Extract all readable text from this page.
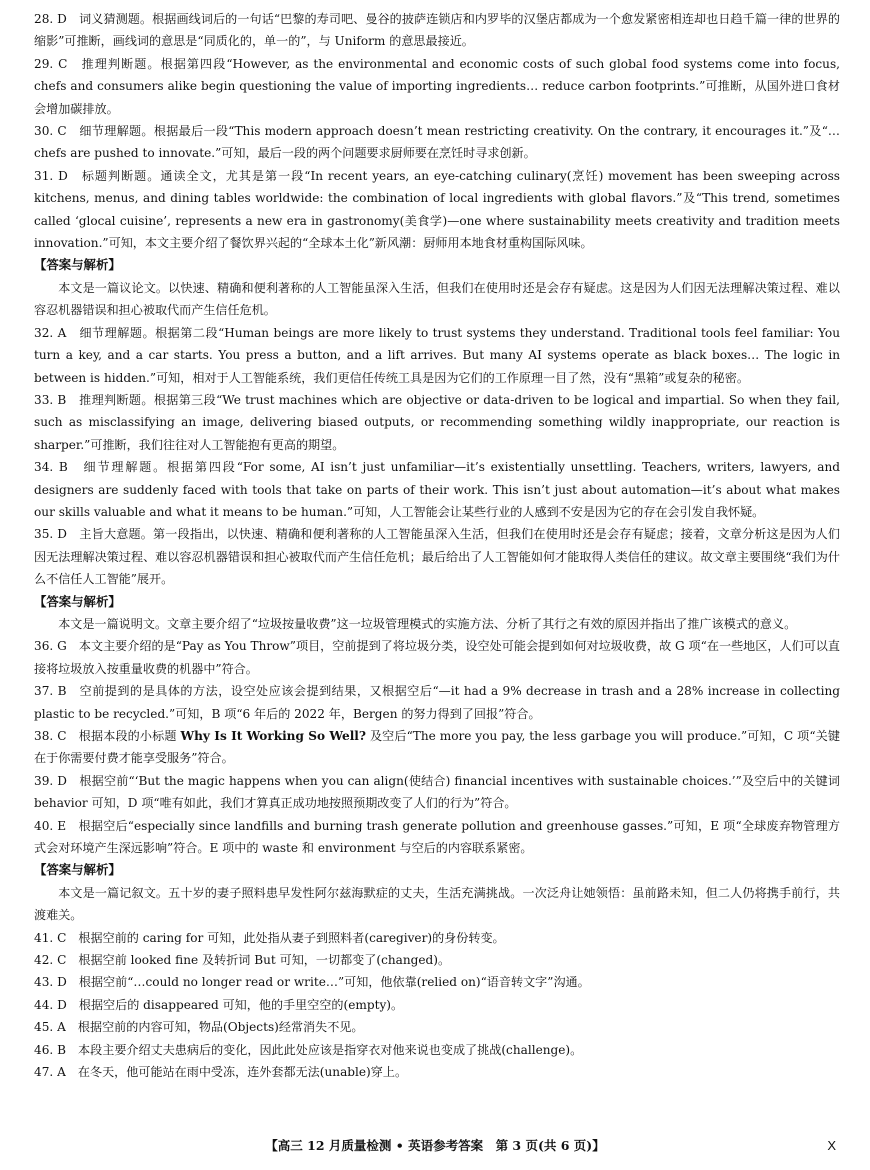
28. D　词义猜测题。根据画线词后的一句话“巴黎的寿司吧、曼谷的披萨连锁店和内罗毕的汉堡店都成为一个愈发紧密相连却也日趋千篇一律的世界的缩影”可推断，画线词的意思是“同质化的，单一的”，与 Uniform 的意思最接近。

29. C　推理判断题。根据第四段“However, as the environmental and economic costs of such global food systems come into focus, chefs and consumers alike begin questioning the value of importing ingredients… reduce carbon footprints.”可推断，从国外进口食材会增加碳排放。

30. C　细节理解题。根据最后一段“This modern approach doesn’t mean restricting creativity. On the contrary, it encourages it.”及“…chefs are pushed to innovate.”可知，最后一段的两个问题要求厨师要在烹饪时寻求创新。

31. D　标题判断题。通读全文，尤其是第一段“In recent years, an eye-catching culinary(烹饪) movement has been sweeping across kitchens, menus, and dining tables worldwide: the combination of local ingredients with global flavors.”及“This trend, sometimes called ‘glocal cuisine’, represents a new era in gastronomy(美食学)—one where sustainability meets creativity and tradition meets innovation.”可知，本文主要介绍了餐饮界兴起的“全球本土化”新风潮：厨师用本地食材重构国际风味。

【答案与解析】

本文是一篇议论文。以快速、精确和便利著称的人工智能虽深入生活，但我们在使用时还是会存有疑虑。这是因为人们因无法理解决策过程、难以容忍机器错误和担心被取代而产生信任危机。

32. A　细节理解题。根据第二段“Human beings are more likely to trust systems they understand. Traditional tools feel familiar: You turn a key, and a car starts. You press a button, and a lift arrives. But many AI systems operate as black boxes… The logic in between is hidden.”可知，相对于人工智能系统，我们更信任传统工具是因为它们的工作原理一目了然，没有“黑箱”或复杂的秘密。

33. B　推理判断题。根据第三段“We trust machines which are objective or data-driven to be logical and impartial. So when they fail, such as misclassifying an image, delivering biased outputs, or recommending something wildly inappropriate, our reaction is sharper.”可推断，我们往往对人工智能抱有更高的期望。

34. B　细节理解题。根据第四段“For some, AI isn’t just unfamiliar—it’s existentially unsettling. Teachers, writers, lawyers, and designers are suddenly faced with tools that take on parts of their work. This isn’t just about automation—it’s about what makes our skills valuable and what it means to be human.”可知，人工智能会让某些行业的人感到不安是因为它的存在会引发自我怀疑。

35. D　主旨大意题。第一段指出，以快速、精确和便利著称的人工智能虽深入生活，但我们在使用时还是会存有疑虑；接着，文章分析这是因为人们因无法理解决策过程、难以容忍机器错误和担心被取代而产生信任危机；最后给出了人工智能如何才能取得人类信任的建议。故文章主要围绕“我们为什么不信任人工智能”展开。

【答案与解析】

本文是一篇说明文。文章主要介绍了“垃圾按量收费”这一垃圾管理模式的实施方法、分析了其行之有效的原因并指出了推广该模式的意义。

36. G　本文主要介绍的是“Pay as You Throw”项目，空前提到了将垃圾分类，设空处可能会提到如何对垃圾收费，故 G 项“在一些地区，人们可以直接将垃圾放入按重量收费的机器中”符合。

37. B　空前提到的是具体的方法，设空处应该会提到结果，又根据空后“—it had a 9% decrease in trash and a 28% increase in collecting plastic to be recycled.”可知，B 项“6 年后的 2022 年，Bergen 的努力得到了回报”符合。

38. C　根据本段的小标题 Why Is It Working So Well? 及空后“The more you pay, the less garbage you will produce.”可知，C 项“关键在于你需要付费才能享受服务”符合。

39. D　根据空前“‘But the magic happens when you can align(使结合) financial incentives with sustainable choices.’”及空后中的关键词 behavior 可知，D 项“唯有如此，我们才算真正成功地按照预期改变了人们的行为”符合。

40. E　根据空后“especially since landfills and burning trash generate pollution and greenhouse gasses.”可知，E 项“全球废弃物管理方式会对环境产生深远影响”符合。E 项中的 waste 和 environment 与空后的内容联系紧密。

【答案与解析】

本文是一篇记叙文。五十岁的妻子照料患早发性阿尔兹海默症的丈夫，生活充满挑战。一次泛舟让她领悟：虽前路未知，但二人仍将携手前行，共渡难关。

41. C　根据空前的 caring for 可知，此处指从妻子到照料者(caregiver)的身份转变。

42. C　根据空前 looked fine 及转折词 But 可知，一切都变了(changed)。

43. D　根据空前“…could no longer read or write…”可知，他依靠(relied on)“语音转文字”沟通。

44. D　根据空后的 disappeared 可知，他的手里空空的(empty)。

45. A　根据空前的内容可知，物品(Objects)经常消失不见。

46. B　本段主要介绍丈夫患病后的变化，因此此处应该是指穿衣对他来说也变成了挑战(challenge)。

47. A　在冬天，他可能站在雨中受冻，连外套都无法(unable)穿上。

【高三 12 月质量检测 • 英语参考答案　第 3 页(共 6 页)】	X
